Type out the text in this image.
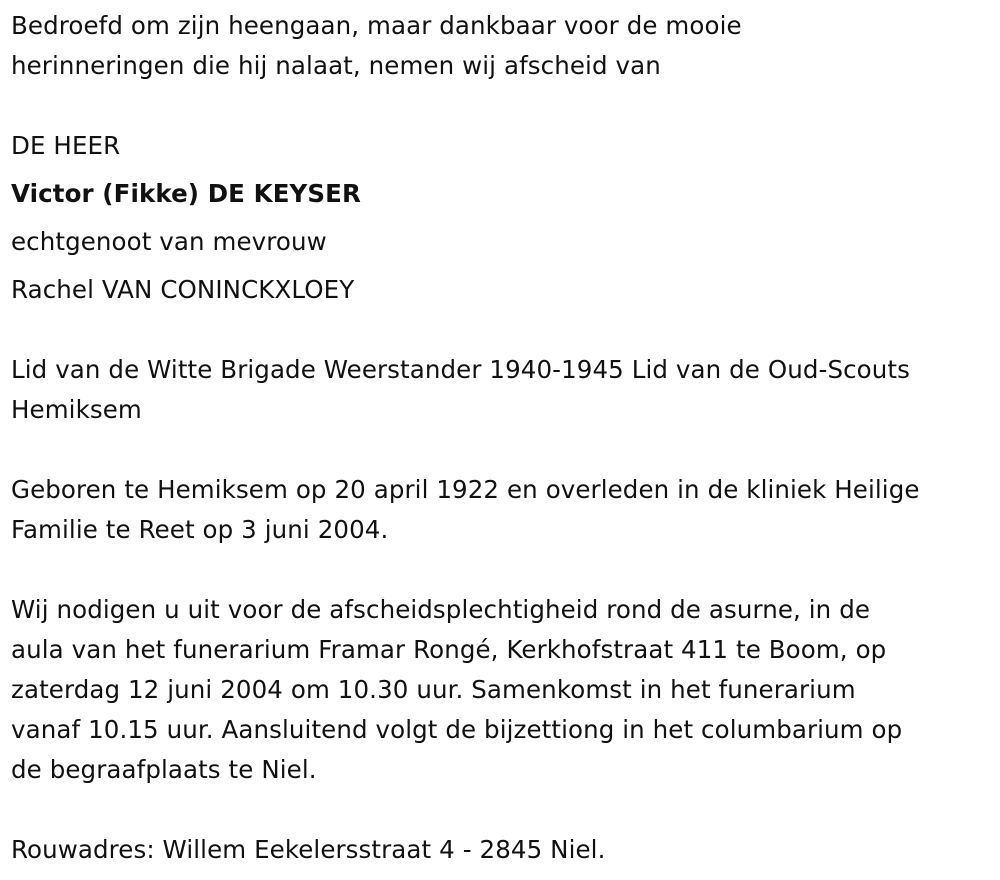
Bedroefd om zijn heengaan, maar dankbaar voor de mooie
herinneringen die hij nalaat, nemen wij afscheid van
DE HEER
Victor (Fikke) DE KEYSER
echtgenoot van mevrouw
Rachel VAN CONINCKXLOEY
Lid van de Witte Brigade Weerstander 1940-1945 Lid van de Oud-Scouts
Hemiksem
Geboren te Hemiksem op 20 april 1922 en overleden in de kliniek Heilige
Familie te Reet op 3 juni 2004.
Wij nodigen u uit voor de afscheidsplechtigheid rond de asurne, in de
aula van het funerarium Framar Rongé, Kerkhofstraat 411 te Boom, op
zaterdag 12 juni 2004 om 10.30 uur. Samenkomst in het funerarium
vanaf 10.15 uur. Aansluitend volgt de bijzettiong in het columbarium op
de begraafplaats te Niel.
Rouwadres: Willem Eekelersstraat 4 - 2845 Niel.
